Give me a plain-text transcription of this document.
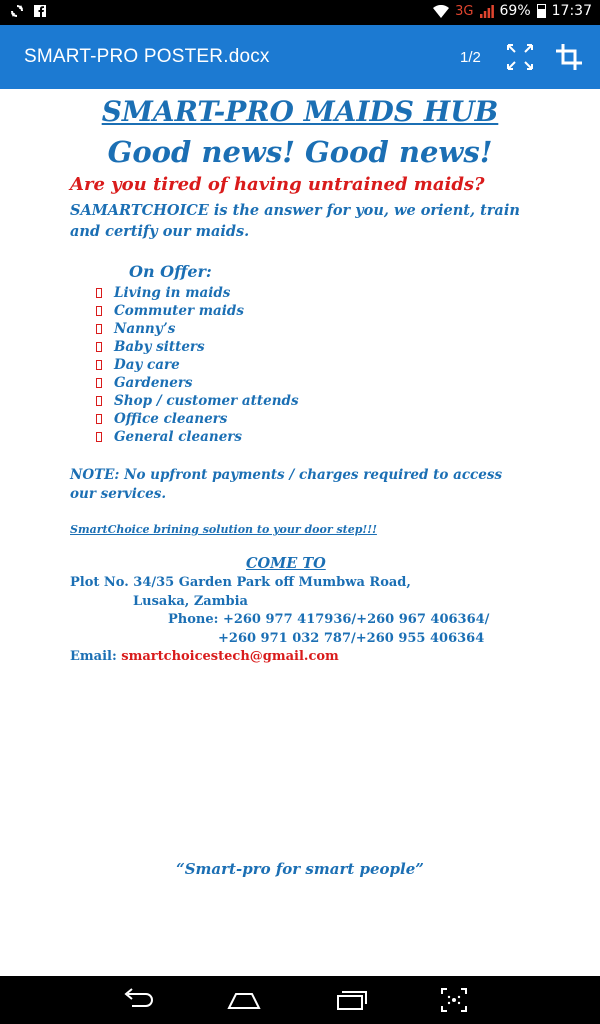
3G 69% 17:37
SMART-PRO POSTER.docx	1/2
SMART-PRO MAIDS HUB
Good news! Good news!
Are you tired of having untrained maids?
SAMARTCHOICE is the answer for you, we orient, train and certify our maids.
On Offer:
Living in maids
Commuter maids
Nanny’s
Baby sitters
Day care
Gardeners
Shop / customer attends
Office cleaners
General cleaners
NOTE: No upfront payments / charges required to access our services.
SmartChoice brining solution to your door step!!!
COME TO
Plot No. 34/35 Garden Park off Mumbwa Road,
Lusaka, Zambia
Phone: +260 977 417936/+260 967 406364/
+260 971 032 787/+260 955 406364
Email: smartchoicestech@gmail.com
“Smart-pro for smart people”
